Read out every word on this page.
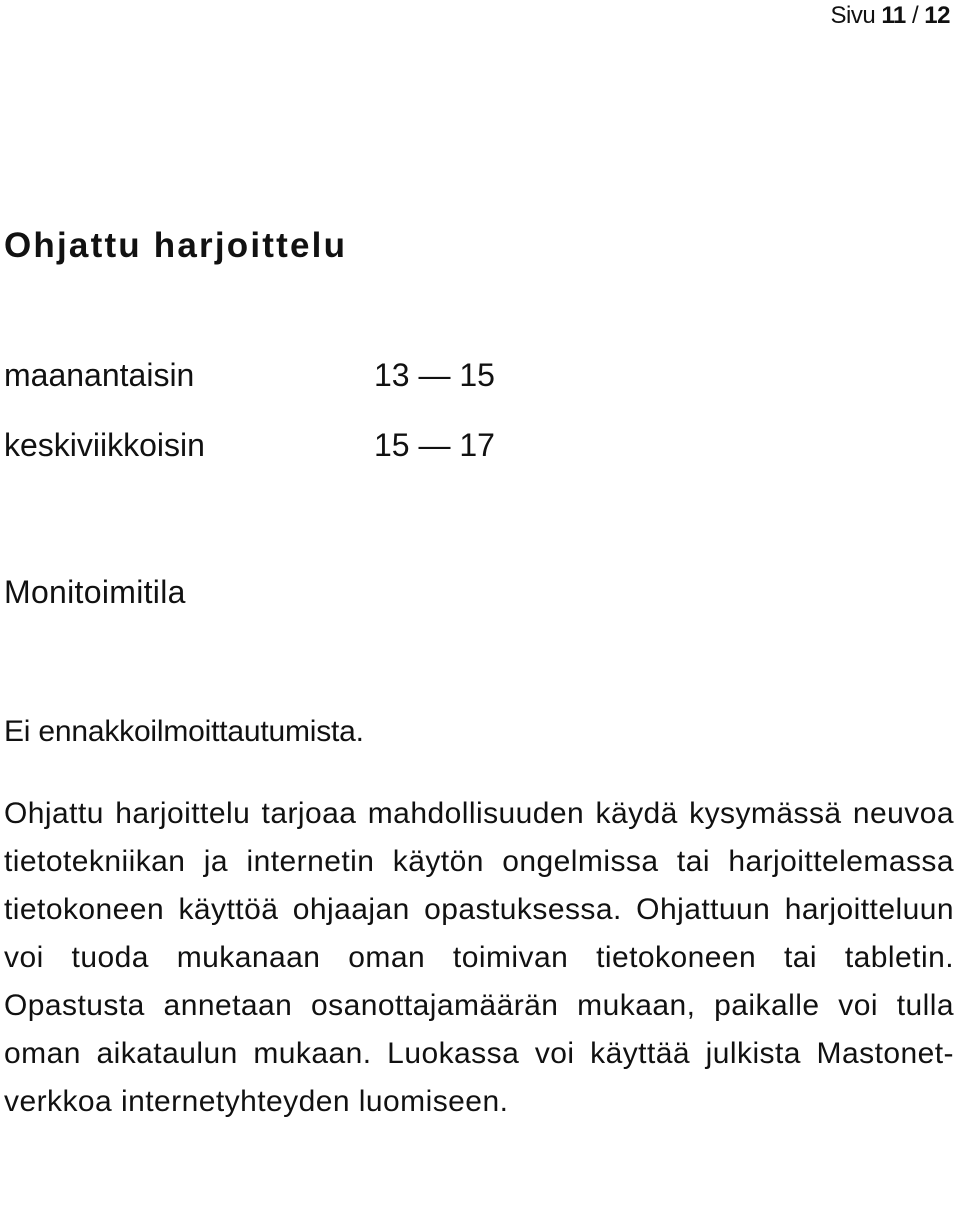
Sivu 11 / 12
Ohjattu harjoittelu
maanantaisin	13 — 15
keskiviikkoisin	15 — 17
Monitoimitila
Ei ennakkoilmoittautumista.

Ohjattu harjoittelu tarjoaa mahdollisuuden käydä kysymässä neuvoa tietotekniikan ja internetin käytön ongelmissa tai harjoittelemassa tietokoneen käyttöä ohjaajan opastuksessa. Ohjattuun harjoitteluun voi tuoda mukanaan oman toimivan tietokoneen tai tabletin. Opastusta annetaan osanottajamäärän mukaan, paikalle voi tulla oman aikataulun mukaan. Luokassa voi käyttää julkista Mastonet-verkkoa internetyhteyden luomiseen.
